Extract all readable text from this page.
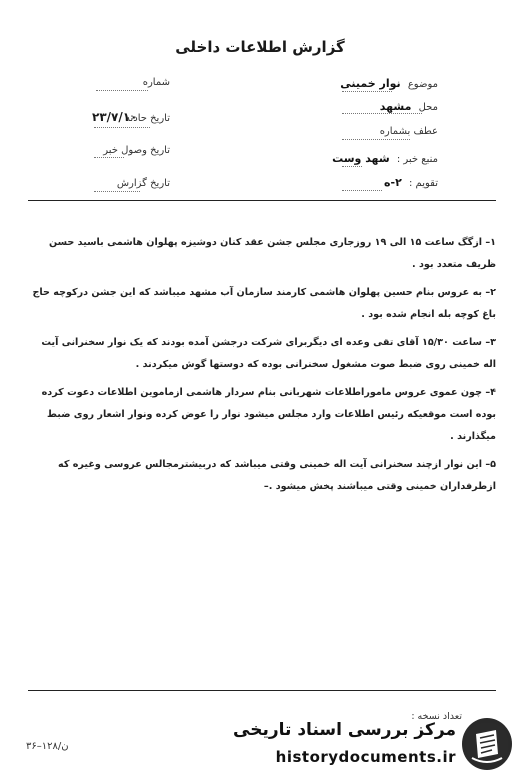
گزارش اطلاعات داخلی
موضوع نوار خمینی
محل مشهد
عطف بشماره
منبع خبر : شهد وست
تقویم : ۲-ه
شماره
تاریخ حادثه
۲۳/۷/۱۰
تاریخ وصول خبر
تاریخ گزارش

۱– ازگگ ساعت ۱۵ الی ۱۹ روزجاری مجلس جشن عقد کنان دوشیزه پهلوان هاشمی باسید حسن ظریف متعدد بود .

۲– به عروس بنام حسین پهلوان هاشمی کارمند سازمان آب مشهد میباشد که این جشن درکوچه حاج باغ کوچه بله انجام شده بود .

۳– ساعت ۱۵/۳۰ آقای تقی وعده ای دیگربرای شرکت درجشن آمده بودند که یک نوار سخنرانی آیت اله خمینی روی ضبط صوت مشغول سخنرانی بوده که دوستها گوش میکردند .

۴– چون عموی عروس ماموراطلاعات شهربانی بنام سردار هاشمی ازماموین اطلاعات دعوت کرده بوده است موقعیکه رئیس اطلاعات وارد مجلس میشود نوار را عوض کرده ونوار اشعار روی ضبط میگذارند .

۵– این نوار ازچند سخنرانی آیت اله خمینی وقتی میباشد که دربیشترمجالس عروسی وغیره که ازطرفداران خمینی وقتی میباشند پخش میشود .–

تعداد نسخه :
۳۶–۱۲۸/ن
مرکز بررسی اسناد تاریخی
historydocuments.ir
